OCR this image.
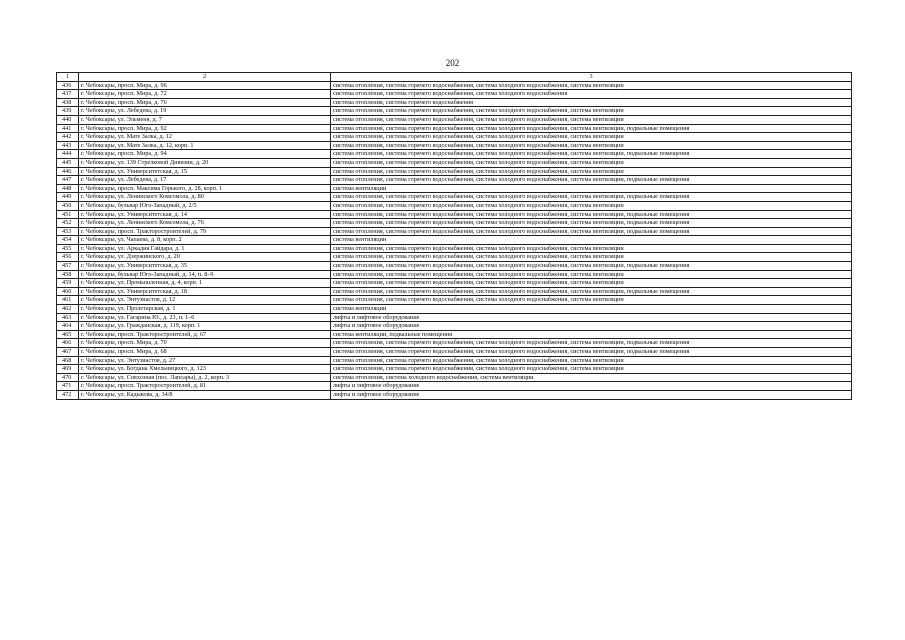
202
1	2	3
436	г. Чебоксары, просп. Мира, д. 96	система отопления, система горячего водоснабжения, система холодного водоснабжения, система вентиляции
437	г. Чебоксары, просп. Мира, д. 72	система отопления, система горячего водоснабжения, система холодного водоснабжения
438	г. Чебоксары, просп. Мира, д. 76	система отопления, система горячего водоснабжения
439	г. Чебоксары, ул. Лебедева, д. 19	система отопления, система горячего водоснабжения, система холодного водоснабжения, система вентиляции
440	г. Чебоксары, ул. Эльменя, д. 7	система отопления, система горячего водоснабжения, система холодного водоснабжения, система вентиляции
441	г. Чебоксары, просп. Мира, д. 92	система отопления, система горячего водоснабжения, система холодного водоснабжения, система вентиляции, подвальные помещения
442	г. Чебоксары, ул. Мате Залка, д. 12	система отопления, система горячего водоснабжения, система холодного водоснабжения, система вентиляции
443	г. Чебоксары, ул. Мате Залка, д. 12, корп. 1	система отопления, система горячего водоснабжения, система холодного водоснабжения, система вентиляции
444	г. Чебоксары, просп. Мира, д. 94	система отопления, система горячего водоснабжения, система холодного водоснабжения, система вентиляции, подвальные помещения
445	г. Чебоксары, ул. 139 Стрелковой Дивизии, д. 20	система отопления, система горячего водоснабжения, система холодного водоснабжения, система вентиляции
446	г. Чебоксары, ул. Университетская, д. 15	система отопления, система горячего водоснабжения, система холодного водоснабжения, система вентиляции
447	г. Чебоксары, ул. Лебедева, д. 17	система отопления, система горячего водоснабжения, система холодного водоснабжения, система вентиляции, подвальные помещения
448	г. Чебоксары, просп. Максима Горького, д. 28, корп. 1	система вентиляции
449	г. Чебоксары, ул. Ленинского Комсомола, д. 80	система отопления, система горячего водоснабжения, система холодного водоснабжения, система вентиляции, подвальные помещения
450	г. Чебоксары, бульвар Юго-Западный, д. 2/5	система отопления, система горячего водоснабжения, система холодного водоснабжения, система вентиляции
451	г. Чебоксары, ул. Университетская, д. 14	система отопления, система горячего водоснабжения, система холодного водоснабжения, система вентиляции, подвальные помещения
452	г. Чебоксары, ул. Ленинского Комсомола, д. 76	система отопления, система горячего водоснабжения, система холодного водоснабжения, система вентиляции, подвальные помещения
453	г. Чебоксары, просп. Тракторостроителей, д. 79	система отопления, система горячего водоснабжения, система холодного водоснабжения, система вентиляции, подвальные помещения
454	г. Чебоксары, ул. Чапаева, д. 8, корп. 2	система вентиляции
455	г. Чебоксары, ул. Аркадия Гайдара, д. 1	система отопления, система горячего водоснабжения, система холодного водоснабжения, система вентиляции
456	г. Чебоксары, ул. Дзержинского, д. 20	система отопления, система горячего водоснабжения, система холодного водоснабжения, система вентиляции
457	г. Чебоксары, ул. Университетская, д. 35	система отопления, система горячего водоснабжения, система холодного водоснабжения, система вентиляции, подвальные помещения
458	г. Чебоксары, бульвар Юго-Западный, д. 14, п. 8–9	система отопления, система горячего водоснабжения, система холодного водоснабжения, система вентиляции
459	г. Чебоксары, ул. Промышленная, д. 4, корп. 1	система отопления, система горячего водоснабжения, система холодного водоснабжения, система вентиляции
460	г. Чебоксары, ул. Университетская, д. 18	система отопления, система горячего водоснабжения, система холодного водоснабжения, система вентиляции, подвальные помещения
461	г. Чебоксары, ул. Энтузиастов, д. 12	система отопления, система горячего водоснабжения, система холодного водоснабжения, система вентиляции
462	г. Чебоксары, ул. Пролетарская, д. 1	система вентиляции
463	г. Чебоксары, ул. Гагарина Ю., д. 23, п. 1–6	лифты и лифтовое оборудование
464	г. Чебоксары, ул. Гражданская, д. 119, корп. 1	лифты и лифтовое оборудование
465	г. Чебоксары, просп. Тракторостроителей, д. 67	система вентиляции, подвальные помещения
466	г. Чебоксары, просп. Мира, д. 70	система отопления, система горячего водоснабжения, система холодного водоснабжения, система вентиляции, подвальные помещения
467	г. Чебоксары, просп. Мира, д. 68	система отопления, система горячего водоснабжения, система холодного водоснабжения, система вентиляции, подвальные помещения
468	г. Чебоксары, ул. Энтузиастов, д. 27	система отопления, система горячего водоснабжения, система холодного водоснабжения, система вентиляции
469	г. Чебоксары, ул. Богдана Хмельницкого, д. 123	система отопления, система горячего водоснабжения, система холодного водоснабжения, система вентиляции
470	г. Чебоксары, ул. Совхозная (пос. Лапсары), д. 2, корп. 3	система отопления, система холодного водоснабжения, система вентиляции
471	г. Чебоксары, просп. Тракторостроителей, д. 81	лифты и лифтовое оборудование
472	г. Чебоксары, ул. Кадыкова, д. 34/8	лифты и лифтовое оборудование
